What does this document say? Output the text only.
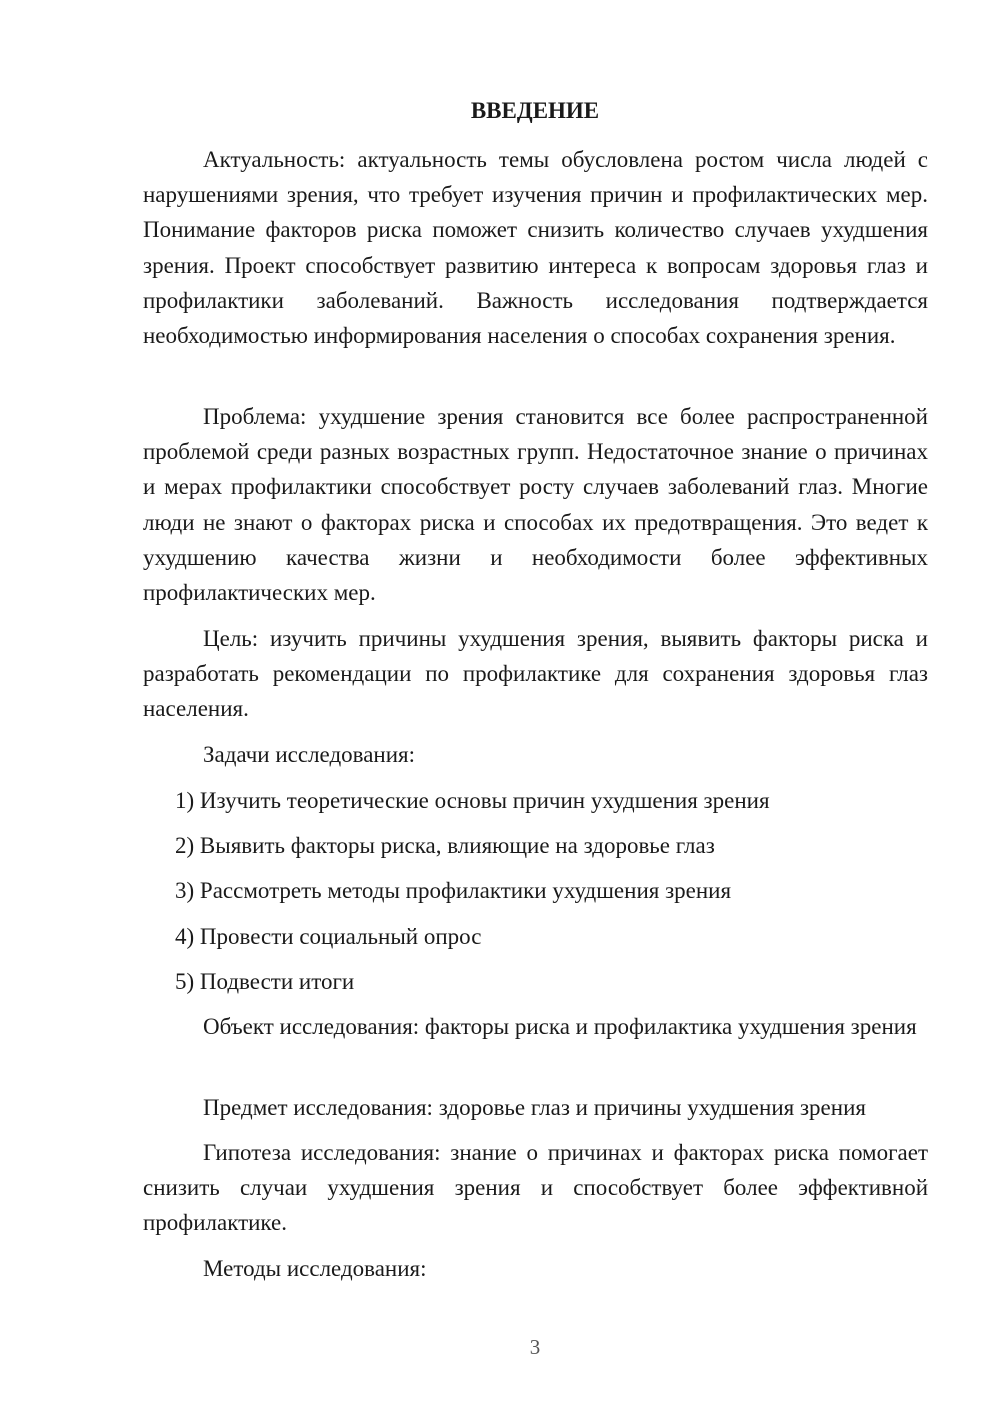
ВВЕДЕНИЕ

Актуальность: актуальность темы обусловлена ростом числа людей с нарушениями зрения, что требует изучения причин и профилактических мер. Понимание факторов риска поможет снизить количество случаев ухудшения зрения. Проект способствует развитию интереса к вопросам здоровья глаз и профилактики заболеваний. Важность исследования подтверждается необходимостью информирования населения о способах сохранения зрения.

Проблема: ухудшение зрения становится все более распространенной проблемой среди разных возрастных групп. Недостаточное знание о причинах и мерах профилактики способствует росту случаев заболеваний глаз. Многие люди не знают о факторах риска и способах их предотвращения. Это ведет к ухудшению качества жизни и необходимости более эффективных профилактических мер.

Цель: изучить причины ухудшения зрения, выявить факторы риска и разработать рекомендации по профилактике для сохранения здоровья глаз населения.

Задачи исследования:

1) Изучить теоретические основы причин ухудшения зрения

2) Выявить факторы риска, влияющие на здоровье глаз

3) Рассмотреть методы профилактики ухудшения зрения

4) Провести социальный опрос

5) Подвести итоги

Объект исследования: факторы риска и профилактика ухудшения зрения

Предмет исследования: здоровье глаз и причины ухудшения зрения

Гипотеза исследования: знание о причинах и факторах риска помогает снизить случаи ухудшения зрения и способствует более эффективной профилактике.

Методы исследования:

3
